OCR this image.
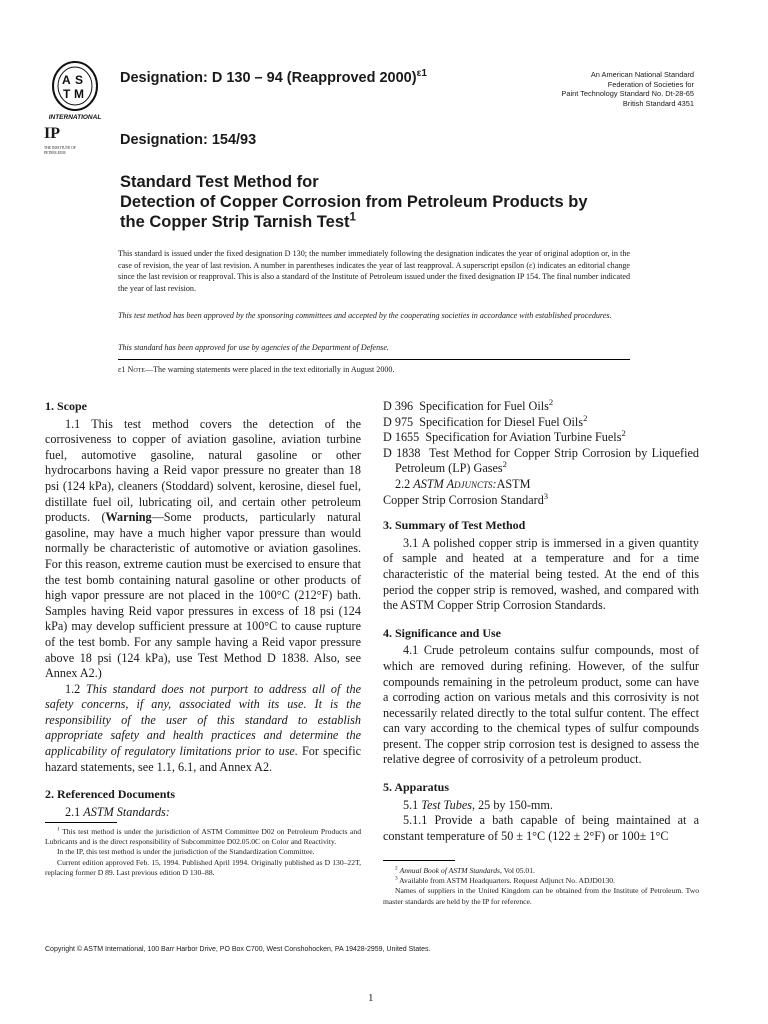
A S
T M
INTERNATIONAL
Designation: D 130 – 94 (Reapproved 2000)$^{\varepsilon 1}$	An American National Standard
Federation of Societies for
Paint Technology Standard No. Dt-28-65
British Standard 4351
IP
THE INSTITUTE OF PETROLEUM
Designation: 154/93
Standard Test Method for
Detection of Copper Corrosion from Petroleum Products by
the Copper Strip Tarnish Test$^1$
This standard is issued under the fixed designation D 130; the number immediately following the designation indicates the year of original adoption or, in the case of revision, the year of last revision. A number in parentheses indicates the year of last reapproval. A superscript epsilon (ε) indicates an editorial change since the last revision or reapproval. This is also a standard of the Institute of Petroleum issued under the fixed designation IP 154. The final number indicated the year of last revision.
This test method has been approved by the sponsoring committees and accepted by the cooperating societies in accordance with established procedures.
This standard has been approved for use by agencies of the Department of Defense.
ε1 Note—The warning statements were placed in the text editorially in August 2000.
1. Scope

1.1 This test method covers the detection of the corrosiveness to copper of aviation gasoline, aviation turbine fuel, automotive gasoline, natural gasoline or other hydrocarbons having a Reid vapor pressure no greater than 18 psi (124 kPa), cleaners (Stoddard) solvent, kerosine, diesel fuel, distillate fuel oil, lubricating oil, and certain other petroleum products. (Warning—Some products, particularly natural gasoline, may have a much higher vapor pressure than would normally be characteristic of automotive or aviation gasolines. For this reason, extreme caution must be exercised to ensure that the test bomb containing natural gasoline or other products of high vapor pressure are not placed in the 100°C (212°F) bath. Samples having Reid vapor pressures in excess of 18 psi (124 kPa) may develop sufficient pressure at 100°C to cause rupture of the test bomb. For any sample having a Reid vapor pressure above 18 psi (124 kPa), use Test Method D 1838. Also, see Annex A2.)

1.2 This standard does not purport to address all of the safety concerns, if any, associated with its use. It is the responsibility of the user of this standard to establish appropriate safety and health practices and determine the applicability of regulatory limitations prior to use. For specific hazard statements, see 1.1, 6.1, and Annex A2.

2. Referenced Documents

2.1 ASTM Standards:

D 396 Specification for Fuel Oils$^2$
D 975 Specification for Diesel Fuel Oils$^2$
D 1655 Specification for Aviation Turbine Fuels$^2$
D 1838 Test Method for Copper Strip Corrosion by Liquefied Petroleum (LP) Gases$^2$
2.2 ASTM Adjuncts:ASTM
Copper Strip Corrosion Standard$^3$
3. Summary of Test Method

3.1 A polished copper strip is immersed in a given quantity of sample and heated at a temperature and for a time characteristic of the material being tested. At the end of this period the copper strip is removed, washed, and compared with the ASTM Copper Strip Corrosion Standards.

4. Significance and Use

4.1 Crude petroleum contains sulfur compounds, most of which are removed during refining. However, of the sulfur compounds remaining in the petroleum product, some can have a corroding action on various metals and this corrosivity is not necessarily related directly to the total sulfur content. The effect can vary according to the chemical types of sulfur compounds present. The copper strip corrosion test is designed to assess the relative degree of corrosivity of a petroleum product.

5. Apparatus

5.1 Test Tubes, 25 by 150-mm.

5.1.1 Provide a bath capable of being maintained at a constant temperature of 50 ± 1°C (122 ± 2°F) or 100± 1°C

$^1$ This test method is under the jurisdiction of ASTM Committee D02 on Petroleum Products and Lubricants and is the direct responsibility of Subcommittee D02.05.0C on Color and Reactivity.

In the IP, this test method is under the jurisdiction of the Standardization Committee.

Current edition approved Feb. 15, 1994. Published April 1994. Originally published as D 130–22T, replacing former D 89. Last previous edition D 130–88.	$^2$ Annual Book of ASTM Standards, Vol 05.01.

$^3$ Available from ASTM Headquarters. Request Adjunct No. ADJD0130.

Names of suppliers in the United Kingdom can be obtained from the Institute of Petroleum. Two master standards are held by the IP for reference.

Copyright © ASTM International, 100 Barr Harbor Drive, PO Box C700, West Conshohocken, PA 19428-2959, United States.
1
